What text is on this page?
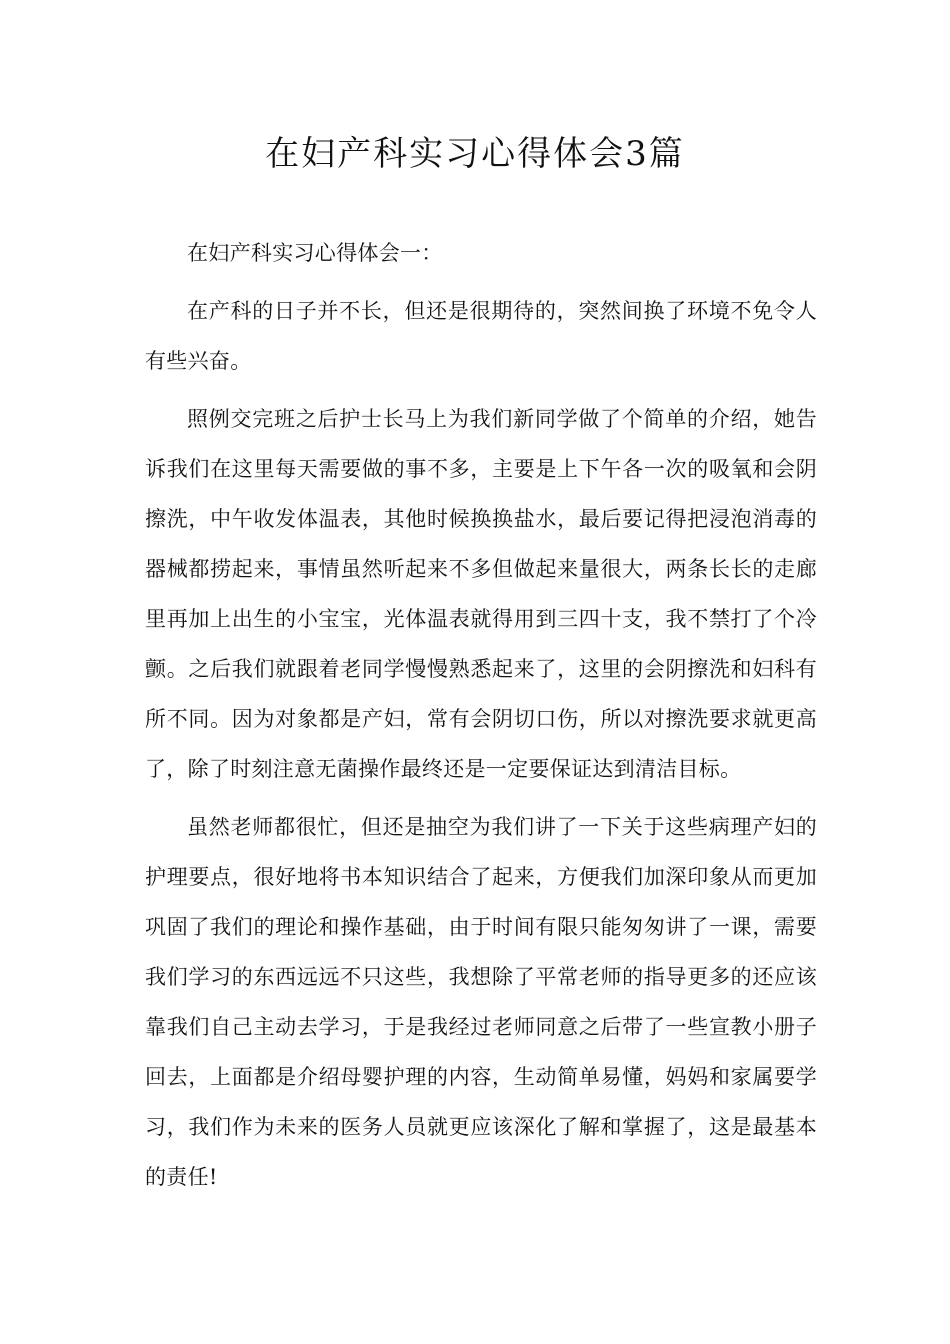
在妇产科实习心得体会3篇

在妇产科实习心得体会一：

在产科的日子并不长，但还是很期待的，突然间换了环境不免令人有些兴奋。

照例交完班之后护士长马上为我们新同学做了个简单的介绍，她告诉我们在这里每天需要做的事不多，主要是上下午各一次的吸氧和会阴擦洗，中午收发体温表，其他时候换换盐水，最后要记得把浸泡消毒的器械都捞起来，事情虽然听起来不多但做起来量很大，两条长长的走廊里再加上出生的小宝宝，光体温表就得用到三四十支，我不禁打了个冷颤。之后我们就跟着老同学慢慢熟悉起来了，这里的会阴擦洗和妇科有所不同。因为对象都是产妇，常有会阴切口伤，所以对擦洗要求就更高了，除了时刻注意无菌操作最终还是一定要保证达到清洁目标。

虽然老师都很忙，但还是抽空为我们讲了一下关于这些病理产妇的护理要点，很好地将书本知识结合了起来，方便我们加深印象从而更加巩固了我们的理论和操作基础，由于时间有限只能匆匆讲了一课，需要我们学习的东西远远不只这些，我想除了平常老师的指导更多的还应该靠我们自己主动去学习，于是我经过老师同意之后带了一些宣教小册子回去，上面都是介绍母婴护理的内容，生动简单易懂，妈妈和家属要学习，我们作为未来的医务人员就更应该深化了解和掌握了，这是最基本的责任!
